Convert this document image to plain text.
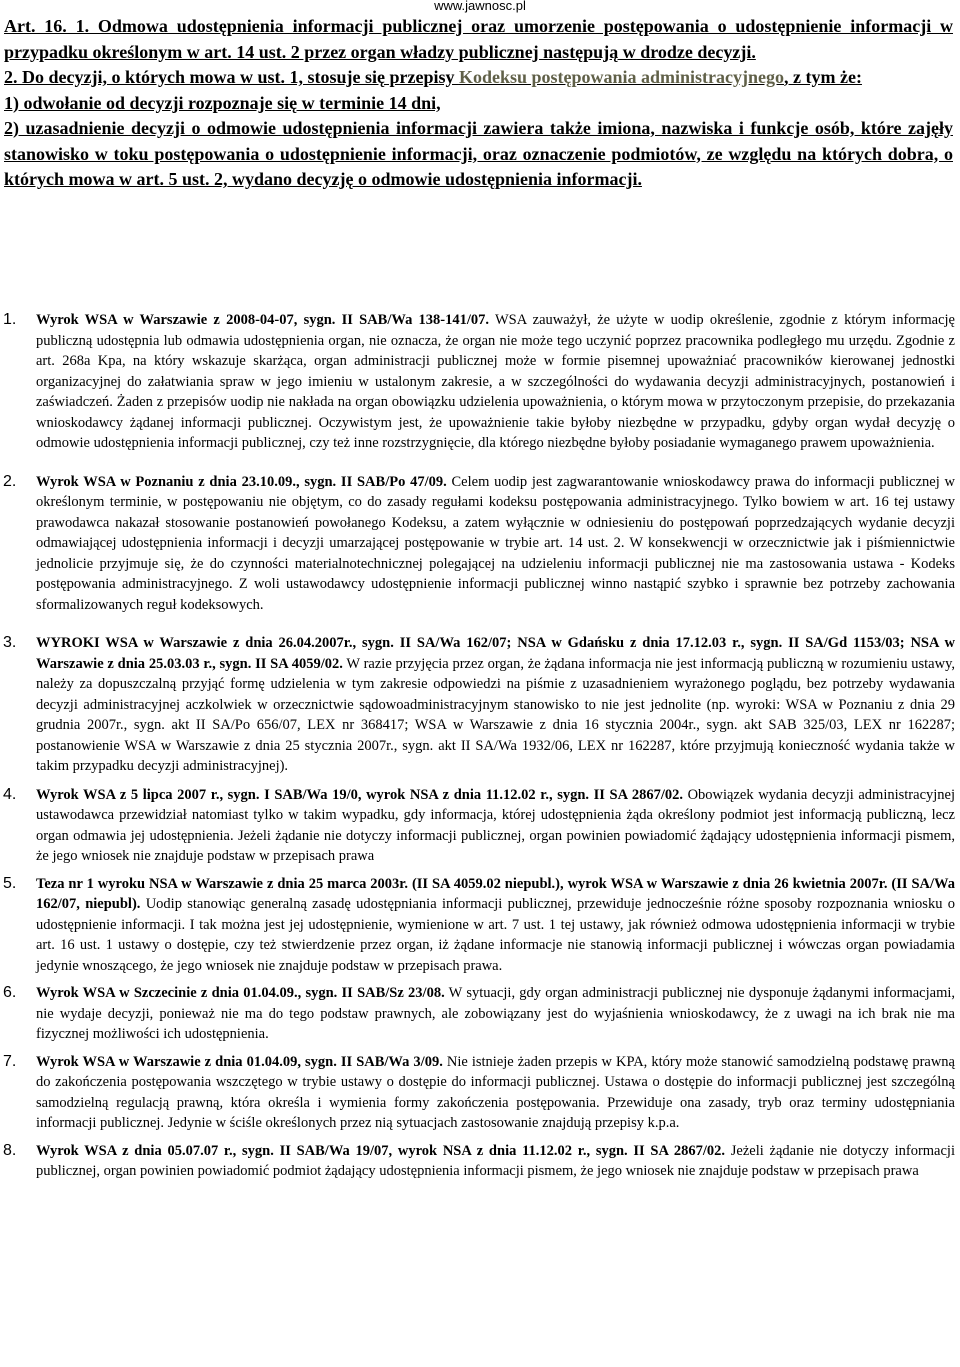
www.jawnosc.pl

Art. 16. 1. Odmowa udostępnienia informacji publicznej oraz umorzenie postępowania o udostępnienie informacji w przypadku określonym w art. 14 ust. 2 przez organ władzy publicznej następują w drodze decyzji.

2. Do decyzji, o których mowa w ust. 1, stosuje się przepisy Kodeksu postępowania administracyjnego, z tym że:

1) odwołanie od decyzji rozpoznaje się w terminie 14 dni,

2) uzasadnienie decyzji o odmowie udostępnienia informacji zawiera także imiona, nazwiska i funkcje osób, które zajęły stanowisko w toku postępowania o udostępnienie informacji, oraz oznaczenie podmiotów, ze względu na których dobra, o których mowa w art. 5 ust. 2, wydano decyzję o odmowie udostępnienia informacji.

1. Wyrok WSA w Warszawie z 2008-04-07, sygn. II SAB/Wa 138-141/07. WSA zauważył, że użyte w uodip określenie, zgodnie z którym informację publiczną udostępnia lub odmawia udostępnienia organ, nie oznacza, że organ nie może tego uczynić poprzez pracownika podległego mu urzędu. Zgodnie z art. 268a Kpa, na który wskazuje skarżąca, organ administracji publicznej może w formie pisemnej upoważniać pracowników kierowanej jednostki organizacyjnej do załatwiania spraw w jego imieniu w ustalonym zakresie, a w szczególności do wydawania decyzji administracyjnych, postanowień i zaświadczeń. Żaden z przepisów uodip nie nakłada na organ obowiązku udzielenia upoważnienia, o którym mowa w przytoczonym przepisie, do przekazania wnioskodawcy żądanej informacji publicznej. Oczywistym jest, że upoważnienie takie byłoby niezbędne w przypadku, gdyby organ wydał decyzję o odmowie udostępnienia informacji publicznej, czy też inne rozstrzygnięcie, dla którego niezbędne byłoby posiadanie wymaganego prawem upoważnienia.
2. Wyrok WSA w Poznaniu z dnia 23.10.09., sygn. II SAB/Po 47/09. Celem uodip jest zagwarantowanie wnioskodawcy prawa do informacji publicznej w określonym terminie, w postępowaniu nie objętym, co do zasady regułami kodeksu postępowania administracyjnego. Tylko bowiem w art. 16 tej ustawy prawodawca nakazał stosowanie postanowień powołanego Kodeksu, a zatem wyłącznie w odniesieniu do postępowań poprzedzających wydanie decyzji odmawiającej udostępnienia informacji i decyzji umarzającej postępowanie w trybie art. 14 ust. 2. W konsekwencji w orzecznictwie jak i piśmiennictwie jednolicie przyjmuje się, że do czynności materialnotechnicznej polegającej na udzieleniu informacji publicznej nie ma zastosowania ustawa - Kodeks postępowania administracyjnego. Z woli ustawodawcy udostępnienie informacji publicznej winno nastąpić szybko i sprawnie bez potrzeby zachowania sformalizowanych reguł kodeksowych.
3. WYROKI WSA w Warszawie z dnia 26.04.2007r., sygn. II SA/Wa 162/07; NSA w Gdańsku z dnia 17.12.03 r., sygn. II SA/Gd 1153/03; NSA w Warszawie z dnia 25.03.03 r., sygn. II SA 4059/02. W razie przyjęcia przez organ, że żądana informacja nie jest informacją publiczną w rozumieniu ustawy, należy za dopuszczalną przyjąć formę udzielenia w tym zakresie odpowiedzi na piśmie z uzasadnieniem wyrażonego poglądu, bez potrzeby wydawania decyzji administracyjnej aczkolwiek w orzecznictwie sądowoadministracyjnym stanowisko to nie jest jednolite (np. wyroki: WSA w Poznaniu z dnia 29 grudnia 2007r., sygn. akt II SA/Po 656/07, LEX nr 368417; WSA w Warszawie z dnia 16 stycznia 2004r., sygn. akt SAB 325/03, LEX nr 162287; postanowienie WSA w Warszawie z dnia 25 stycznia 2007r., sygn. akt II SA/Wa 1932/06, LEX nr 162287, które przyjmują konieczność wydania także w takim przypadku decyzji administracyjnej).
4. Wyrok WSA z 5 lipca 2007 r., sygn. I SAB/Wa 19/0, wyrok NSA z dnia 11.12.02 r., sygn. II SA 2867/02. Obowiązek wydania decyzji administracyjnej ustawodawca przewidział natomiast tylko w takim wypadku, gdy informacja, której udostępnienia żąda określony podmiot jest informacją publiczną, lecz organ odmawia jej udostępnienia. Jeżeli żądanie nie dotyczy informacji publicznej, organ powinien powiadomić żądający udostępnienia informacji pismem, że jego wniosek nie znajduje podstaw w przepisach prawa
5. Teza nr 1 wyroku NSA w Warszawie z dnia 25 marca 2003r. (II SA 4059.02 niepubl.), wyrok WSA w Warszawie z dnia 26 kwietnia 2007r. (II SA/Wa 162/07, niepubl). Uodip stanowiąc generalną zasadę udostępniania informacji publicznej, przewiduje jednocześnie różne sposoby rozpoznania wniosku o udostępnienie informacji. I tak można jest jej udostępnienie, wymienione w art. 7 ust. 1 tej ustawy, jak również odmowa udostępnienia informacji w trybie art. 16 ust. 1 ustawy o dostępie, czy też stwierdzenie przez organ, iż żądane informacje nie stanowią informacji publicznej i wówczas organ powiadamia jedynie wnoszącego, że jego wniosek nie znajduje podstaw w przepisach prawa.
6. Wyrok WSA w Szczecinie z dnia 01.04.09., sygn. II SAB/Sz 23/08. W sytuacji, gdy organ administracji publicznej nie dysponuje żądanymi informacjami, nie wydaje decyzji, ponieważ nie ma do tego podstaw prawnych, ale zobowiązany jest do wyjaśnienia wnioskodawcy, że z uwagi na ich brak nie ma fizycznej możliwości ich udostępnienia.
7. Wyrok WSA w Warszawie z dnia 01.04.09, sygn. II SAB/Wa 3/09. Nie istnieje żaden przepis w KPA, który może stanowić samodzielną podstawę prawną do zakończenia postępowania wszczętego w trybie ustawy o dostępie do informacji publicznej. Ustawa o dostępie do informacji publicznej jest szczególną samodzielną regulacją prawną, która określa i wymienia formy zakończenia postępowania. Przewiduje ona zasady, tryb oraz terminy udostępniania informacji publicznej. Jedynie w ściśle określonych przez nią sytuacjach zastosowanie znajdują przepisy k.p.a.
8. Wyrok WSA z dnia 05.07.07 r., sygn. II SAB/Wa 19/07, wyrok NSA z dnia 11.12.02 r., sygn. II SA 2867/02. Jeżeli żądanie nie dotyczy informacji publicznej, organ powinien powiadomić podmiot żądający udostępnienia informacji pismem, że jego wniosek nie znajduje podstaw w przepisach prawa
